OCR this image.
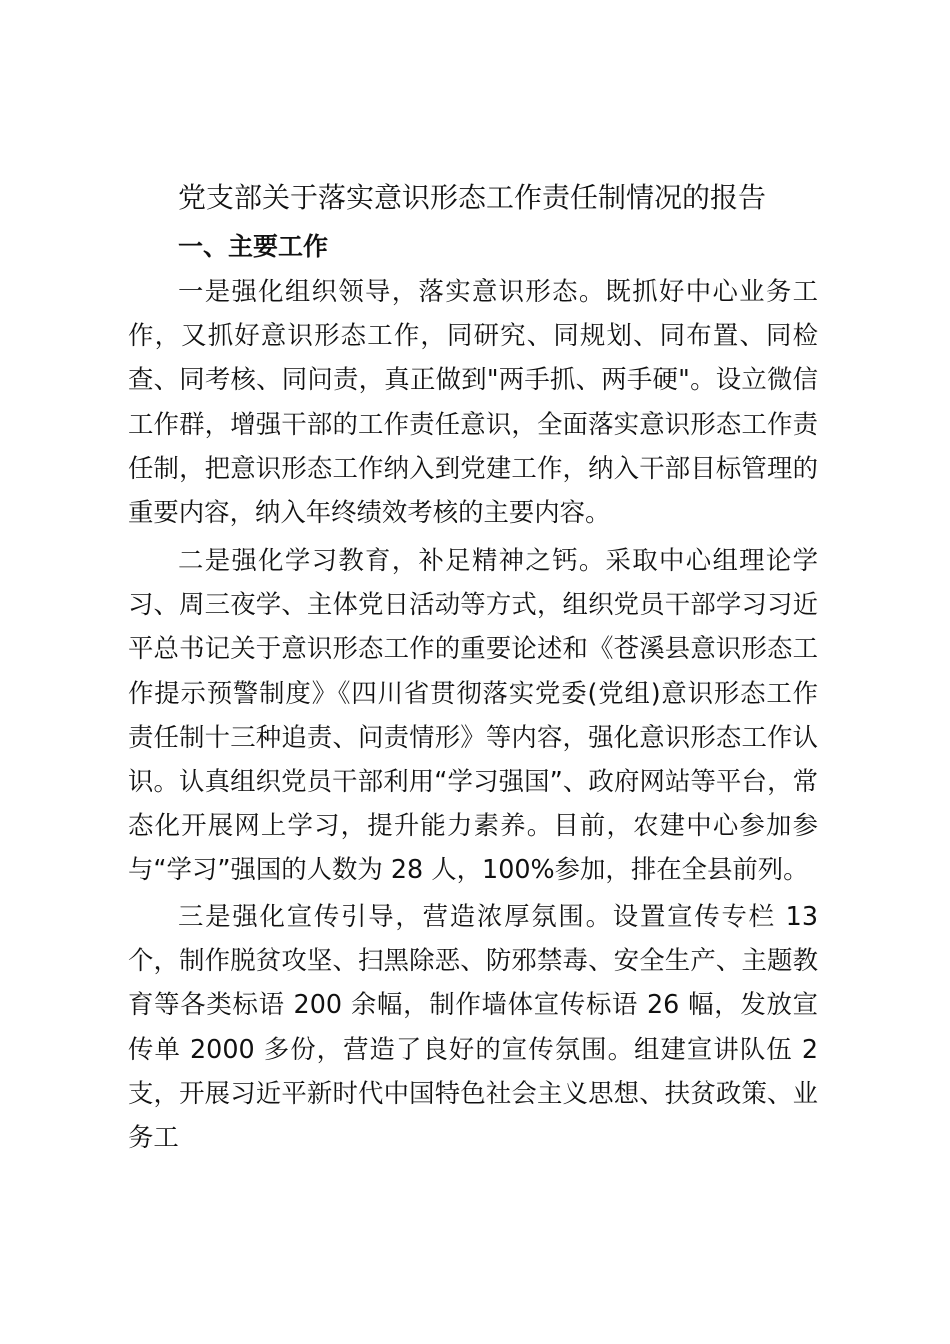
党支部关于落实意识形态工作责任制情况的报告
一、主要工作

一是强化组织领导，落实意识形态。既抓好中心业务工作，又抓好意识形态工作，同研究、同规划、同布置、同检查、同考核、同问责，真正做到"两手抓、两手硬"。设立微信工作群，增强干部的工作责任意识，全面落实意识形态工作责任制，把意识形态工作纳入到党建工作，纳入干部目标管理的重要内容，纳入年终绩效考核的主要内容。

二是强化学习教育，补足精神之钙。采取中心组理论学习、周三夜学、主体党日活动等方式，组织党员干部学习习近平总书记关于意识形态工作的重要论述和《苍溪县意识形态工作提示预警制度》《四川省贯彻落实党委(党组)意识形态工作责任制十三种追责、问责情形》等内容，强化意识形态工作认识。认真组织党员干部利用“学习强国”、政府网站等平台，常态化开展网上学习，提升能力素养。目前，农建中心参加参与“学习”强国的人数为 28 人，100%参加，排在全县前列。

三是强化宣传引导，营造浓厚氛围。设置宣传专栏 13 个，制作脱贫攻坚、扫黑除恶、防邪禁毒、安全生产、主题教育等各类标语 200 余幅，制作墙体宣传标语 26 幅，发放宣传单 2000 多份，营造了良好的宣传氛围。组建宣讲队伍 2 支，开展习近平新时代中国特色社会主义思想、扶贫政策、业务工
